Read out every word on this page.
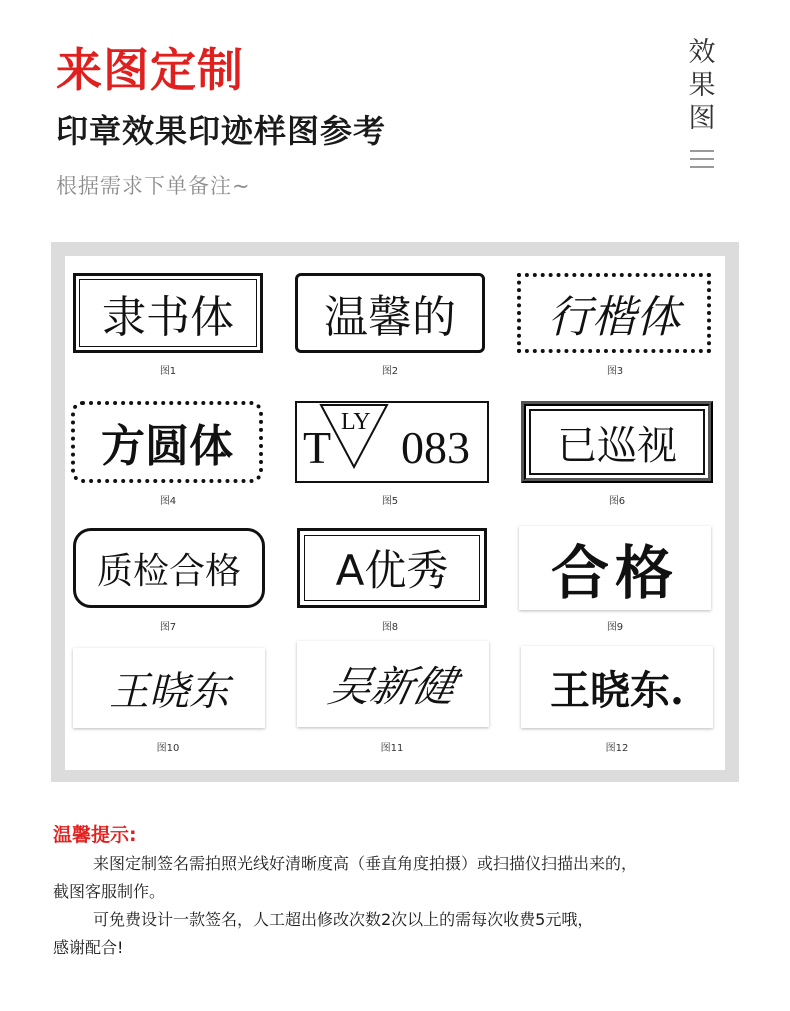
来图定制
印章效果印迹样图参考
根据需求下单备注~
效
果
图
隶书体
图1
温馨的
图2
行楷体
图3
方圆体
图4
T LY 083
图5
已巡视
图6
质检合格
图7
A优秀
图8
合格
图9
王晓东
图10
吴新健
图11
王晓东.
图12
温馨提示:
来图定制签名需拍照光线好清晰度高（垂直角度拍摄）或扫描仪扫描出来的，
截图客服制作。
可免费设计一款签名，人工超出修改次数2次以上的需每次收费5元哦，
感谢配合!
